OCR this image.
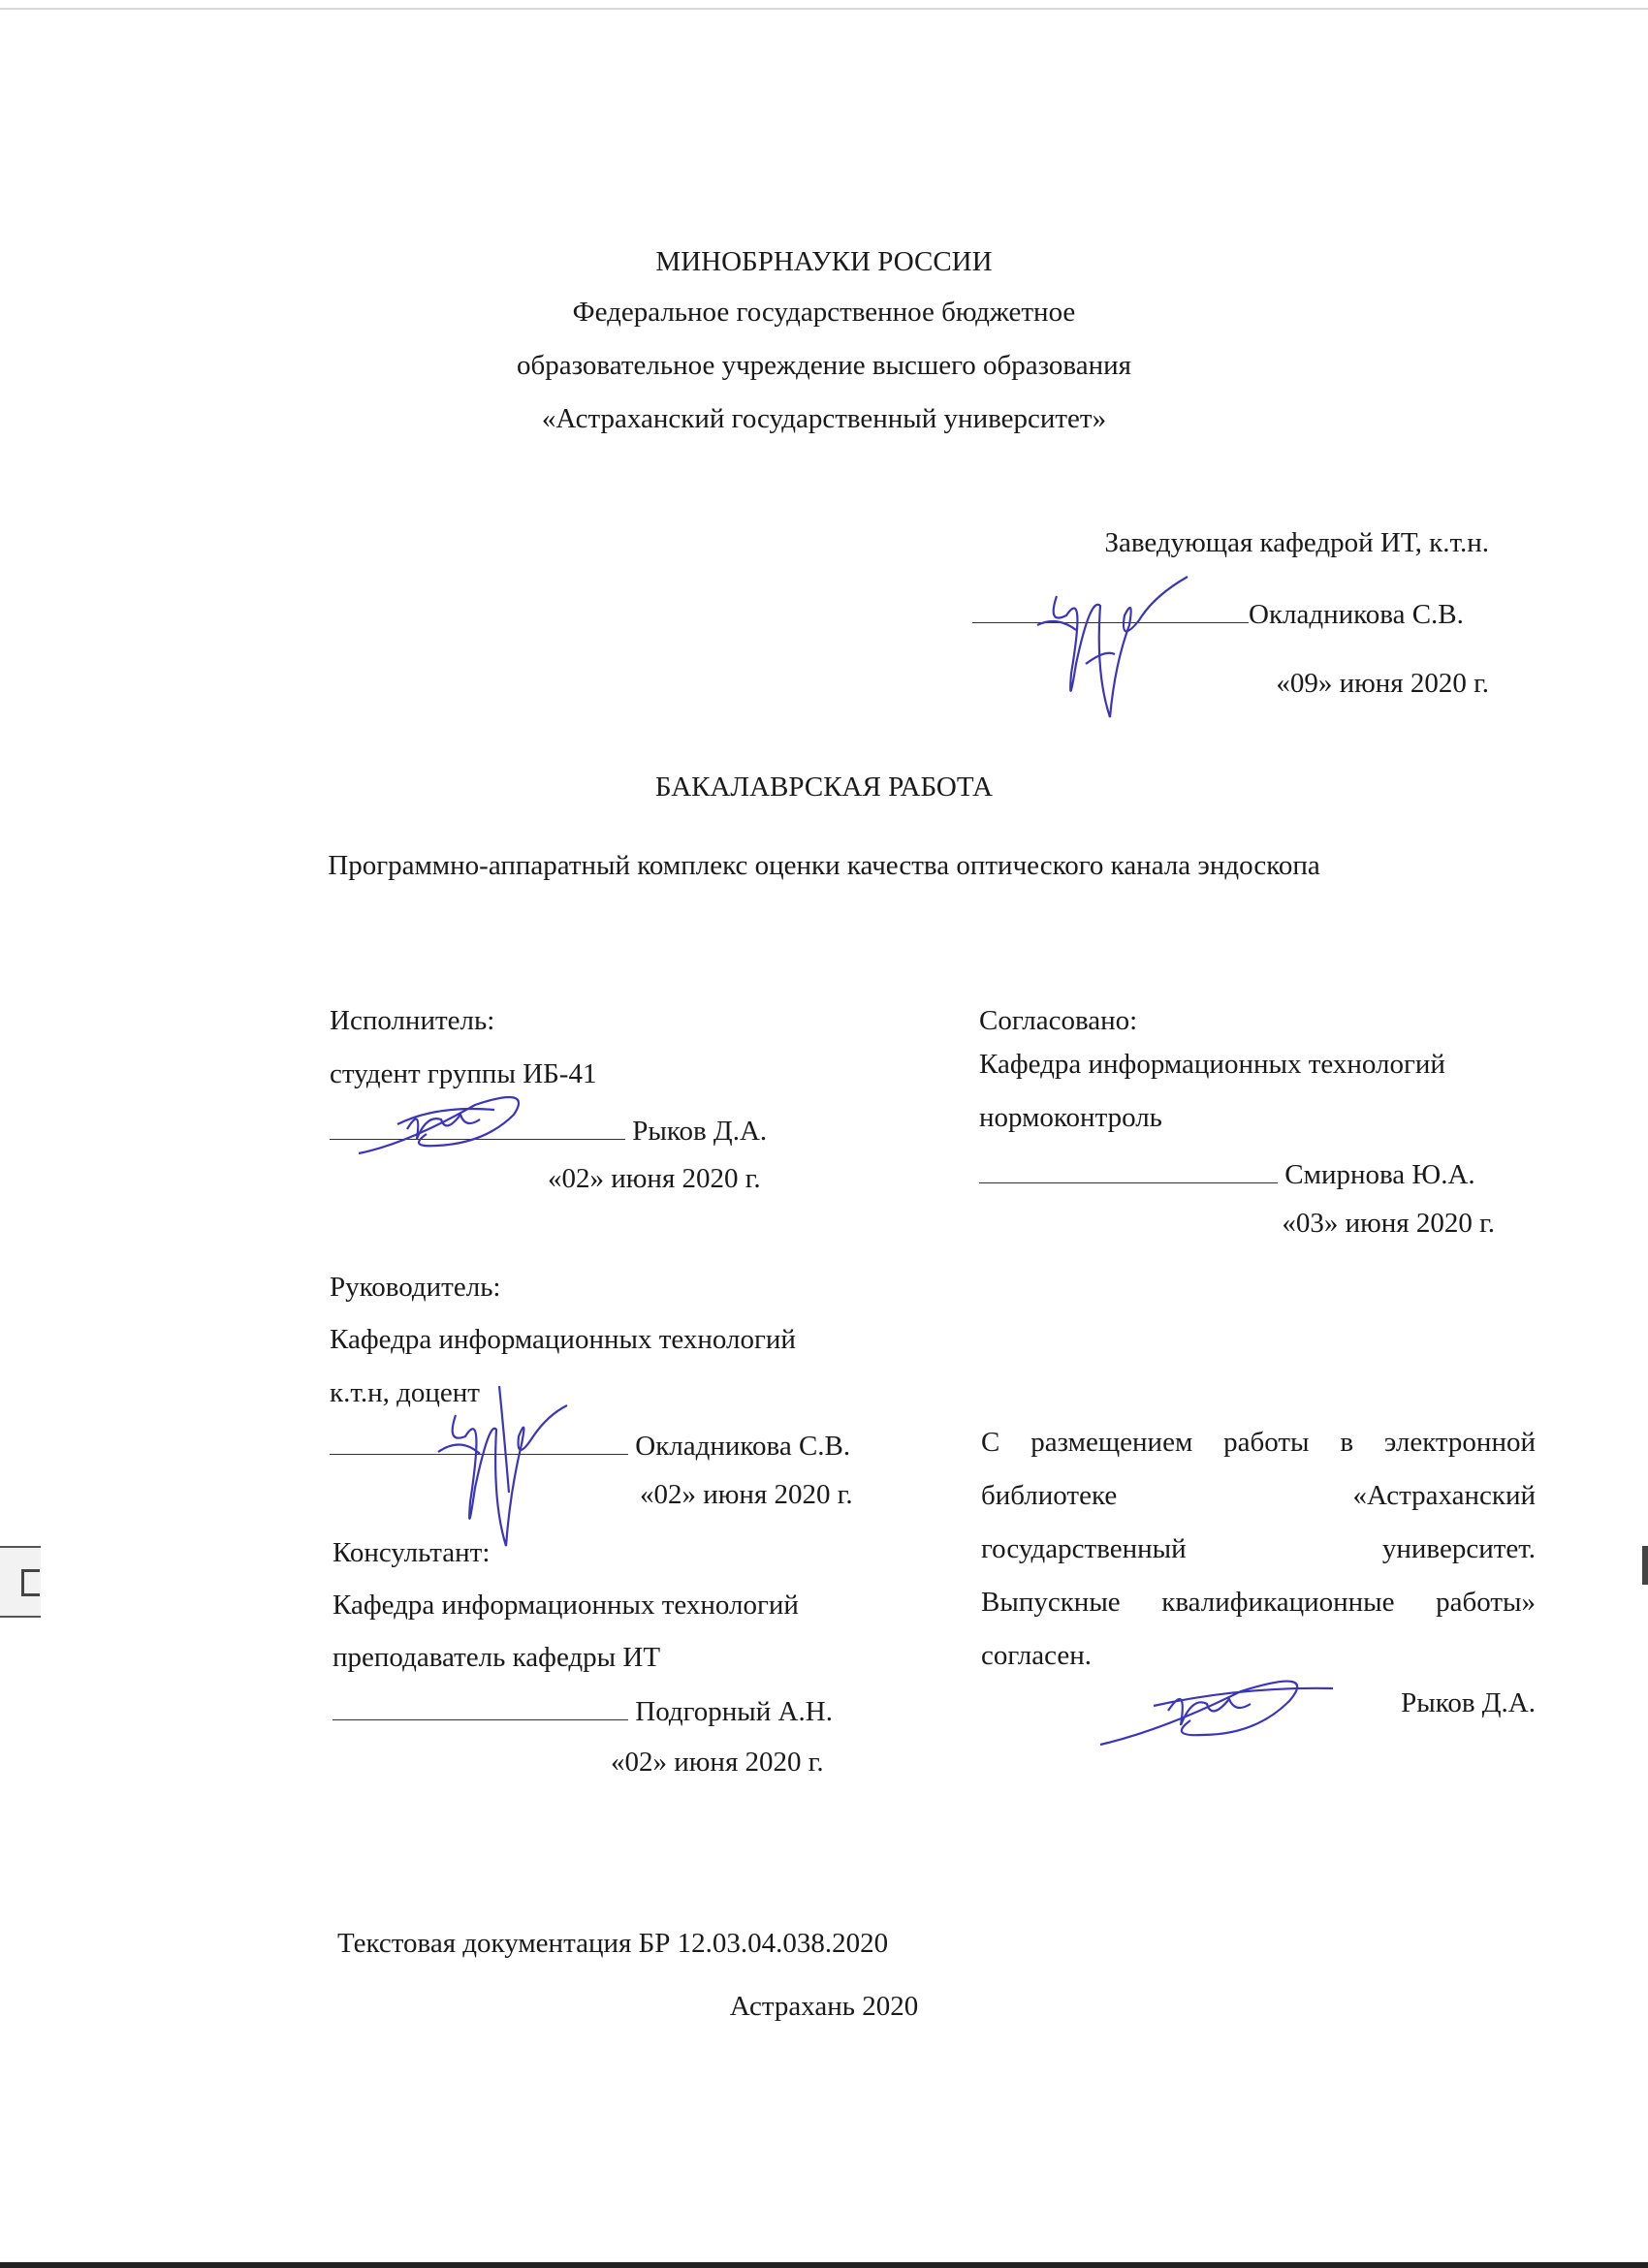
МИНОБРНАУКИ РОССИИ
Федеральное государственное бюджетное
образовательное учреждение высшего образования
«Астраханский государственный университет»
Заведующая кафедрой ИТ, к.т.н.
Окладникова С.В.
«09» июня 2020 г.
БАКАЛАВРСКАЯ РАБОТА
Программно-аппаратный комплекс оценки качества оптического канала эндоскопа
Исполнитель:
студент группы ИБ-41
Рыков Д.А.
«02» июня 2020 г.
Согласовано:
Кафедра информационных технологий
нормоконтроль
Смирнова Ю.А.
«03» июня 2020 г.
Руководитель:
Кафедра информационных технологий
к.т.н, доцент
Окладникова С.В.
«02» июня 2020 г.
Консультант:
Кафедра информационных технологий
преподаватель кафедры ИТ
Подгорный А.Н.
«02» июня 2020 г.
С размещением работы в электронной
библиотеке «Астраханский
государственный университет.
Выпускные квалификационные работы»
согласен.
Рыков Д.А.
Текстовая документация БР 12.03.04.038.2020
Астрахань 2020
